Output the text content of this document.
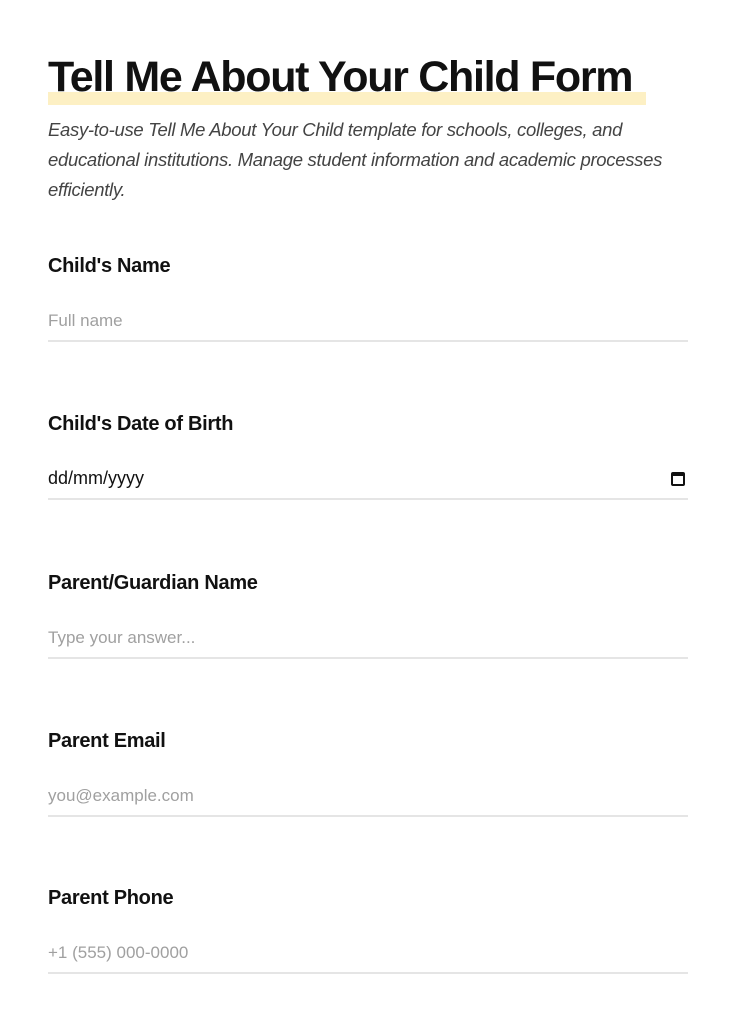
Tell Me About Your Child Form

Easy-to-use Tell Me About Your Child template for schools, colleges, and educational institutions. Manage student information and academic processes efficiently.

Child's Name
Full name
Child's Date of Birth
dd/mm/yyyy
Parent/Guardian Name
Type your answer...
Parent Email
you@example.com
Parent Phone
+1 (555) 000-0000
